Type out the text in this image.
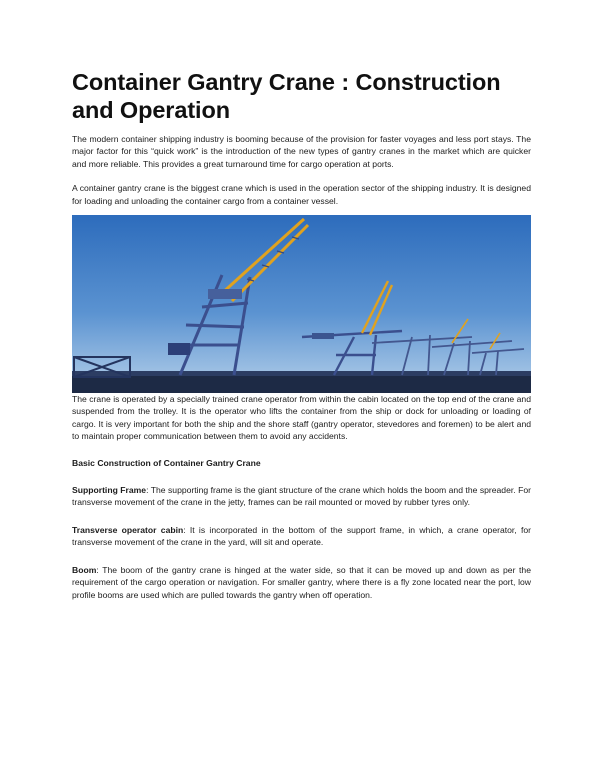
Container Gantry Crane : Construction and Operation

The modern container shipping industry is booming because of the provision for faster voyages and less port stays. The major factor for this “quick work” is the introduction of the new types of gantry cranes in the market which are quicker and more reliable. This provides a great turnaround time for cargo operation at ports.

A container gantry crane is the biggest crane which is used in the operation sector of the shipping industry. It is designed for loading and unloading the container cargo from a container vessel.

The crane is operated by a specially trained crane operator from within the cabin located on the top end of the crane and suspended from the trolley. It is the operator who lifts the container from the ship or dock for unloading or loading of cargo. It is very important for both the ship and the shore staff (gantry operator, stevedores and foremen) to be alert and to maintain proper communication between them to avoid any accidents.

Basic Construction of Container Gantry Crane

Supporting Frame: The supporting frame is the giant structure of the crane which holds the boom and the spreader. For transverse movement of the crane in the jetty, frames can be rail mounted or moved by rubber tyres only.

Transverse operator cabin: It is incorporated in the bottom of the support frame, in which, a crane operator, for transverse movement of the crane in the yard, will sit and operate.

Boom: The boom of the gantry crane is hinged at the water side, so that it can be moved up and down as per the requirement of the cargo operation or navigation. For smaller gantry, where there is a fly zone located near the port, low profile booms are used which are pulled towards the gantry when off operation.
